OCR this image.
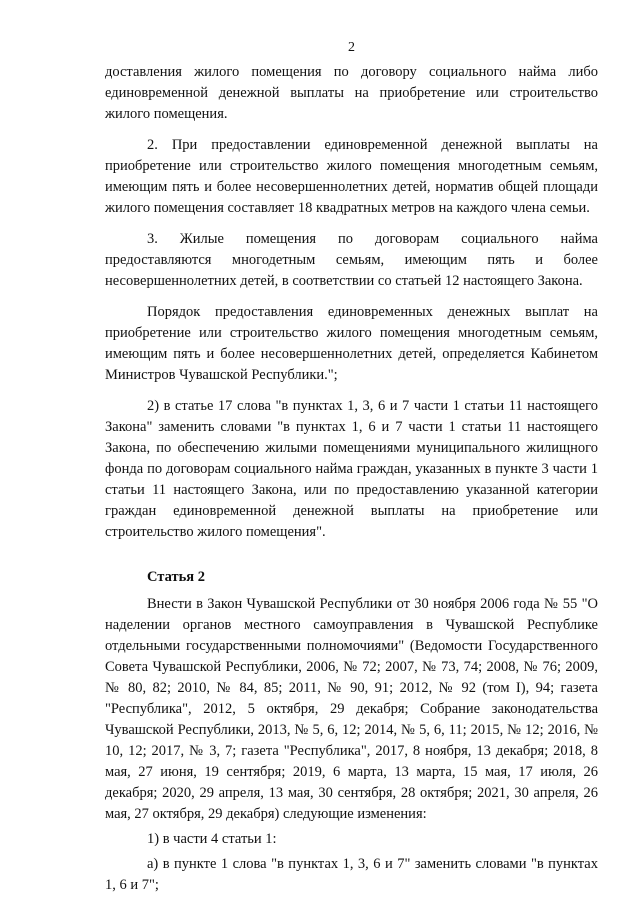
2

доставления жилого помещения по договору социального найма либо единовременной денежной выплаты на приобретение или строительство жилого помещения.

2. При предоставлении единовременной денежной выплаты на приобретение или строительство жилого помещения многодетным семьям, имеющим пять и более несовершеннолетних детей, норматив общей площади жилого помещения составляет 18 квадратных метров на каждого члена семьи.

3. Жилые помещения по договорам социального найма предоставляются многодетным семьям, имеющим пять и более несовершеннолетних детей, в соответствии со статьей 12 настоящего Закона.

Порядок предоставления единовременных денежных выплат на приобретение или строительство жилого помещения многодетным семьям, имеющим пять и более несовершеннолетних детей, определяется Кабинетом Министров Чувашской Республики.";

2) в статье 17 слова "в пунктах 1, 3, 6 и 7 части 1 статьи 11 настоящего Закона" заменить словами "в пунктах 1, 6 и 7 части 1 статьи 11 настоящего Закона, по обеспечению жилыми помещениями муниципального жилищного фонда по договорам социального найма граждан, указанных в пункте 3 части 1 статьи 11 настоящего Закона, или по предоставлению указанной категории граждан единовременной денежной выплаты на приобретение или строительство жилого помещения".

Статья 2

Внести в Закон Чувашской Республики от 30 ноября 2006 года № 55 "О наделении органов местного самоуправления в Чувашской Республике отдельными государственными полномочиями" (Ведомости Государственного Совета Чувашской Республики, 2006, № 72; 2007, № 73, 74; 2008, № 76; 2009, № 80, 82; 2010, № 84, 85; 2011, № 90, 91; 2012, № 92 (том I), 94; газета "Республика", 2012, 5 октября, 29 декабря; Собрание законодательства Чувашской Республики, 2013, № 5, 6, 12; 2014, № 5, 6, 11; 2015, № 12; 2016, № 10, 12; 2017, № 3, 7; газета "Республика", 2017, 8 ноября, 13 декабря; 2018, 8 мая, 27 июня, 19 сентября; 2019, 6 марта, 13 марта, 15 мая, 17 июля, 26 декабря; 2020, 29 апреля, 13 мая, 30 сентября, 28 октября; 2021, 30 апреля, 26 мая, 27 октября, 29 декабря) следующие изменения:

1) в части 4 статьи 1:

а) в пункте 1 слова "в пунктах 1, 3, 6 и 7" заменить словами "в пунктах 1, 6 и 7";
